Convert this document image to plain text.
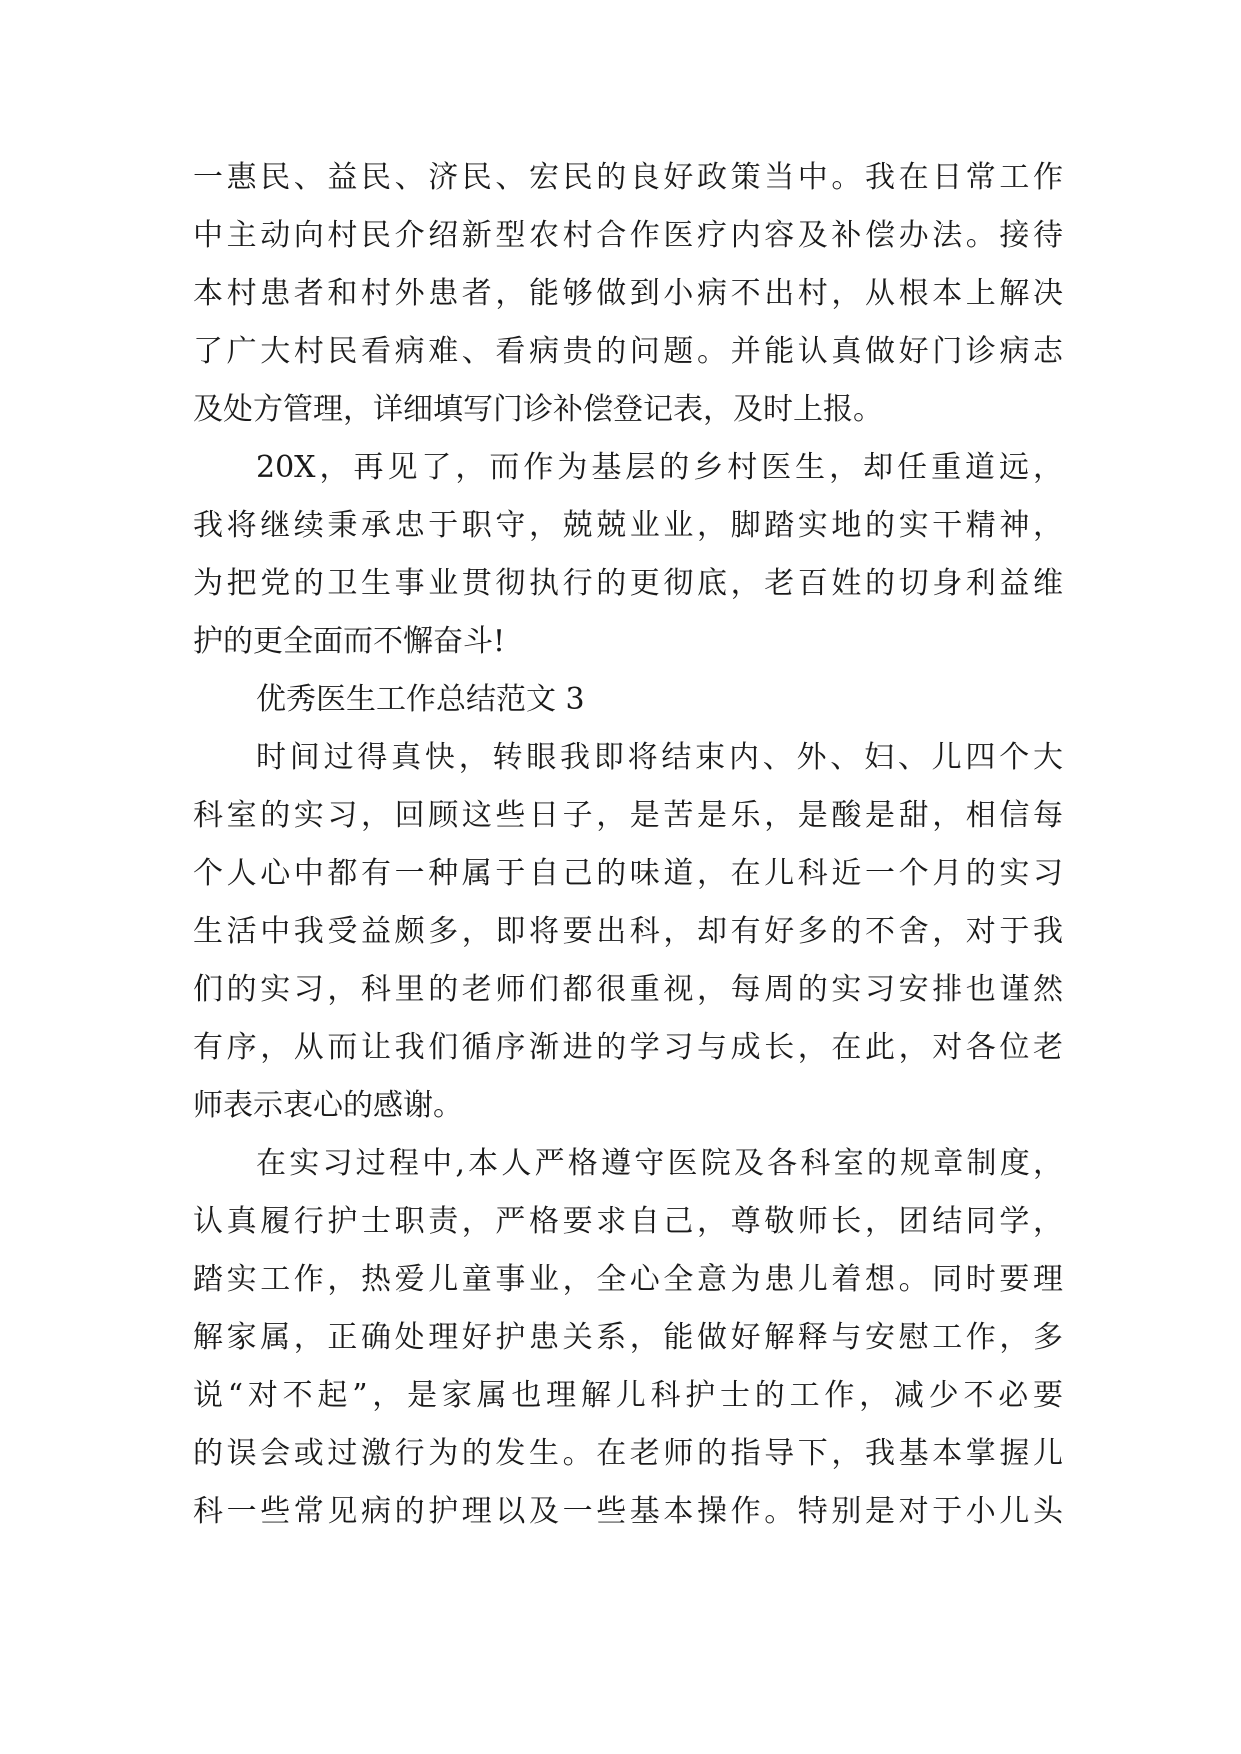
一惠民、益民、济民、宏民的良好政策当中。我在日常工作
中主动向村民介绍新型农村合作医疗内容及补偿办法。接待
本村患者和村外患者，能够做到小病不出村，从根本上解决
了广大村民看病难、看病贵的问题。并能认真做好门诊病志
及处方管理，详细填写门诊补偿登记表，及时上报。
20X，再见了，而作为基层的乡村医生，却任重道远，
我将继续秉承忠于职守，兢兢业业，脚踏实地的实干精神，
为把党的卫生事业贯彻执行的更彻底，老百姓的切身利益维
护的更全面而不懈奋斗!
优秀医生工作总结范文 3
时间过得真快，转眼我即将结束内、外、妇、儿四个大
科室的实习，回顾这些日子，是苦是乐，是酸是甜，相信每
个人心中都有一种属于自己的味道，在儿科近一个月的实习
生活中我受益颇多，即将要出科，却有好多的不舍，对于我
们的实习，科里的老师们都很重视，每周的实习安排也谨然
有序，从而让我们循序渐进的学习与成长，在此，对各位老
师表示衷心的感谢。
在实习过程中,本人严格遵守医院及各科室的规章制度，
认真履行护士职责，严格要求自己，尊敬师长，团结同学，
踏实工作，热爱儿童事业，全心全意为患儿着想。同时要理
解家属，正确处理好护患关系，能做好解释与安慰工作，多
说“对不起”，是家属也理解儿科护士的工作，减少不必要
的误会或过激行为的发生。在老师的指导下，我基本掌握儿
科一些常见病的护理以及一些基本操作。特别是对于小儿头
